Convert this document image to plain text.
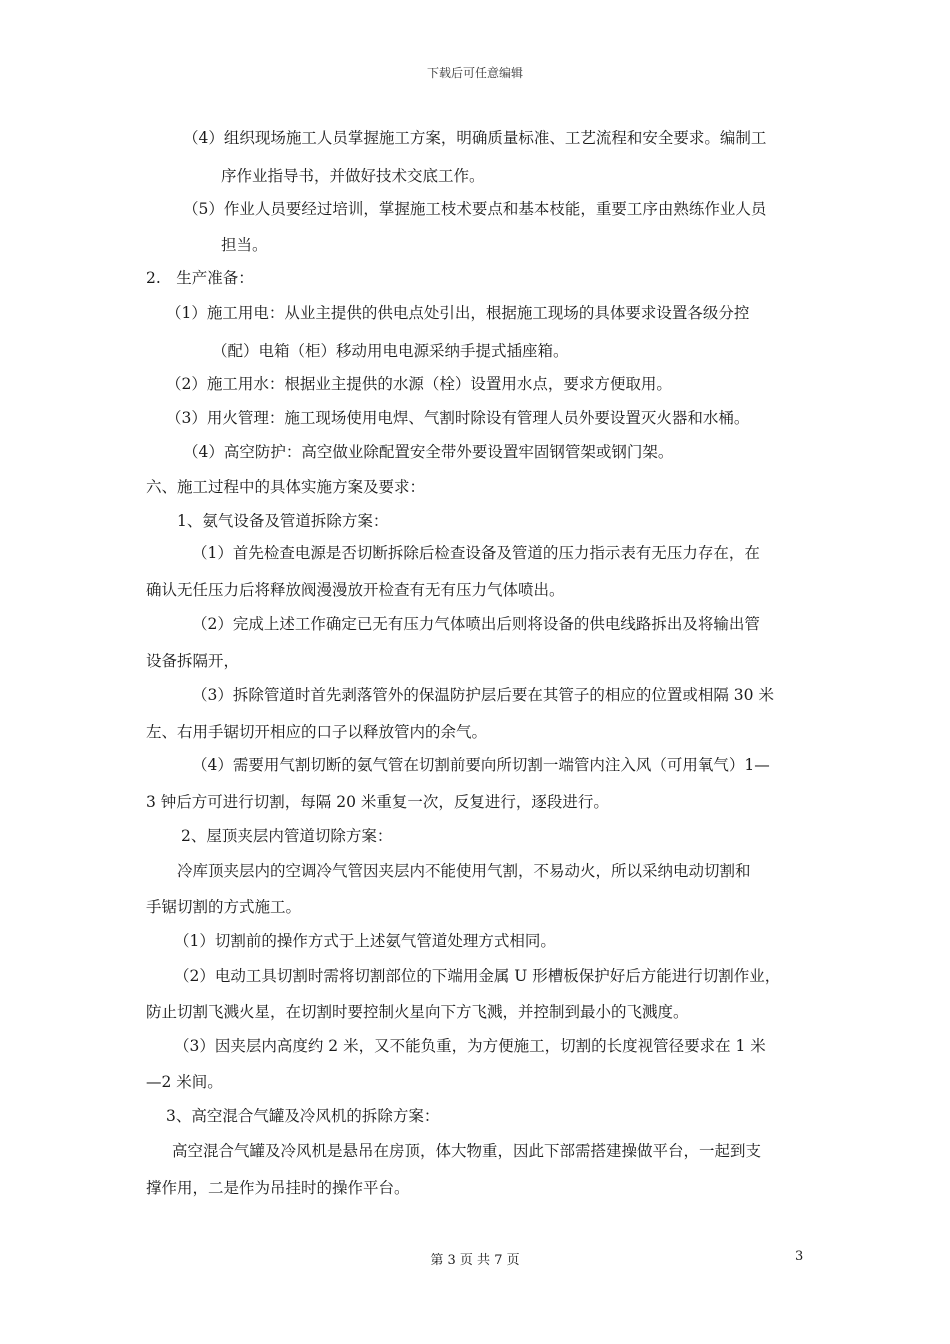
下载后可任意编辑
（4）组织现场施工人员掌握施工方案，明确质量标准、工艺流程和安全要求。编制工
序作业指导书，并做好技术交底工作。
（5）作业人员要经过培训，掌握施工枝术要点和基本枝能，重要工序由熟练作业人员
担当。
2.　生产准备：
（1）施工用电：从业主提供的供电点处引出，根据施工现场的具体要求设置各级分控
（配）电箱（柜）移动用电电源采纳手提式插座箱。
（2）施工用水：根据业主提供的水源（栓）设置用水点，要求方便取用。
（3）用火管理：施工现场使用电焊、气割时除设有管理人员外要设置灭火器和水桶。
（4）高空防护：高空做业除配置安全带外要设置牢固钢管架或钢门架。
六、施工过程中的具体实施方案及要求：
1、氨气设备及管道拆除方案：
（1）首先检查电源是否切断拆除后检查设备及管道的压力指示表有无压力存在，在
确认无任压力后将释放阀漫漫放开检查有无有压力气体喷出。
（2）完成上述工作确定已无有压力气体喷出后则将设备的供电线路拆出及将输出管
设备拆隔开，
（3）拆除管道时首先剥落管外的保温防护层后要在其管子的相应的位置或相隔 30 米
左、右用手锯切开相应的口子以释放管内的余气。
（4）需要用气割切断的氨气管在切割前要向所切割一端管内注入风（可用氧气）1—
3 钟后方可进行切割，每隔 20 米重复一次，反复进行，逐段进行。
2、屋顶夹层内管道切除方案：
冷库顶夹层内的空调冷气管因夹层内不能使用气割，不易动火，所以采纳电动切割和
手锯切割的方式施工。
（1）切割前的操作方式于上述氨气管道处理方式相同。
（2）电动工具切割时需将切割部位的下端用金属 U 形槽板保护好后方能进行切割作业，
防止切割飞溅火星，在切割时要控制火星向下方飞溅，并控制到最小的飞溅度。
（3）因夹层内高度约 2 米，又不能负重，为方便施工，切割的长度视管径要求在 1 米
—2 米间。
3、高空混合气罐及冷风机的拆除方案：
高空混合气罐及冷风机是悬吊在房顶，体大物重，因此下部需搭建操做平台，一起到支
撑作用，二是作为吊挂时的操作平台。
第 3 页 共 7 页	3
